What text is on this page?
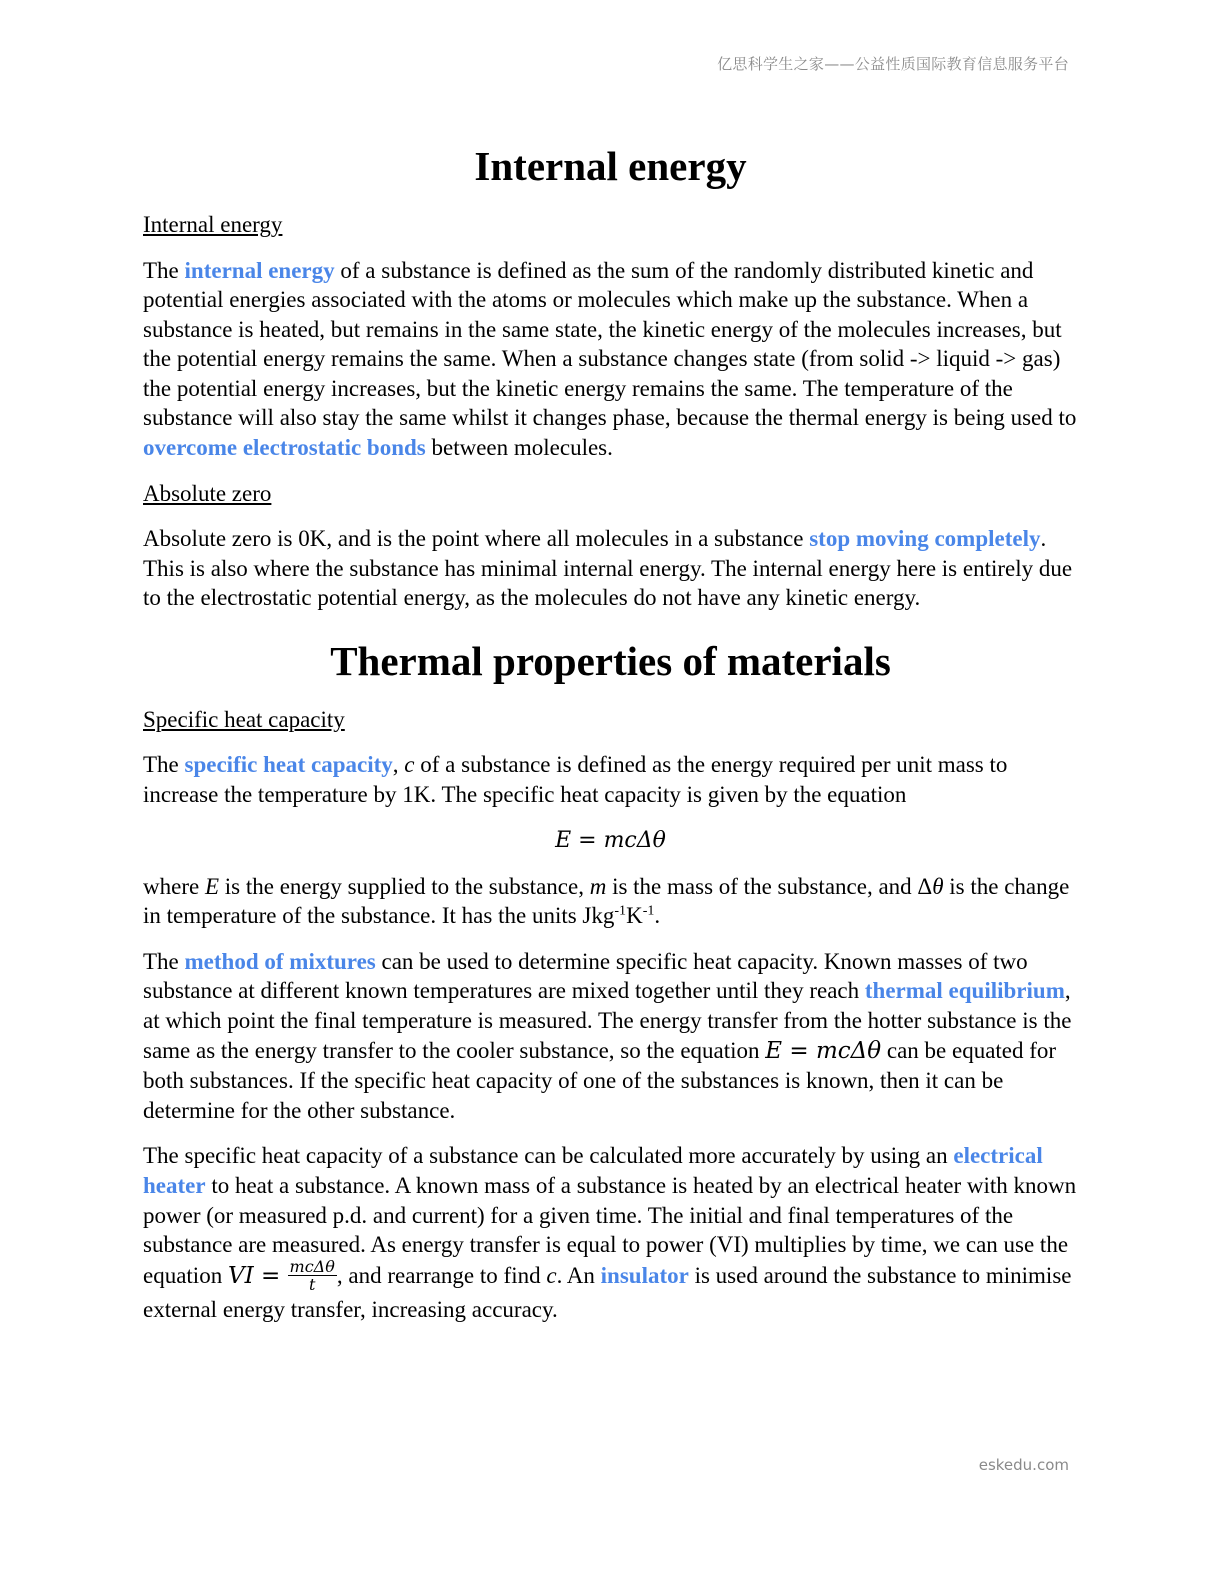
亿思科学生之家——公益性质国际教育信息服务平台
Internal energy
Internal energy

The internal energy of a substance is defined as the sum of the randomly distributed kinetic and potential energies associated with the atoms or molecules which make up the substance. When a substance is heated, but remains in the same state, the kinetic energy of the molecules increases, but the potential energy remains the same. When a substance changes state (from solid -> liquid -> gas) the potential energy increases, but the kinetic energy remains the same. The temperature of the substance will also stay the same whilst it changes phase, because the thermal energy is being used to overcome electrostatic bonds between molecules.

Absolute zero

Absolute zero is 0K, and is the point where all molecules in a substance stop moving completely. This is also where the substance has minimal internal energy. The internal energy here is entirely due to the electrostatic potential energy, as the molecules do not have any kinetic energy.

Thermal properties of materials
Specific heat capacity

The specific heat capacity, c of a substance is defined as the energy required per unit mass to increase the temperature by 1K. The specific heat capacity is given by the equation

E = mcΔθ

where E is the energy supplied to the substance, m is the mass of the substance, and Δθ is the change in temperature of the substance. It has the units $Jkg^{-1}K^{-1}$.

The method of mixtures can be used to determine specific heat capacity. Known masses of two substance at different known temperatures are mixed together until they reach thermal equilibrium, at which point the final temperature is measured. The energy transfer from the hotter substance is the same as the energy transfer to the cooler substance, so the equation E = mcΔθ can be equated for both substances. If the specific heat capacity of one of the substances is known, then it can be determine for the other substance.

The specific heat capacity of a substance can be calculated more accurately by using an electrical heater to heat a substance. A known mass of a substance is heated by an electrical heater with known power (or measured p.d. and current) for a given time. The initial and final temperatures of the substance are measured. As energy transfer is equal to power (VI) multiplies by time, we can use the equation VI = $\frac{\text{mcΔθ}}{t}$ , and rearrange to find c. An insulator is used around the substance to minimise external energy transfer, increasing accuracy.

eskedu.com
